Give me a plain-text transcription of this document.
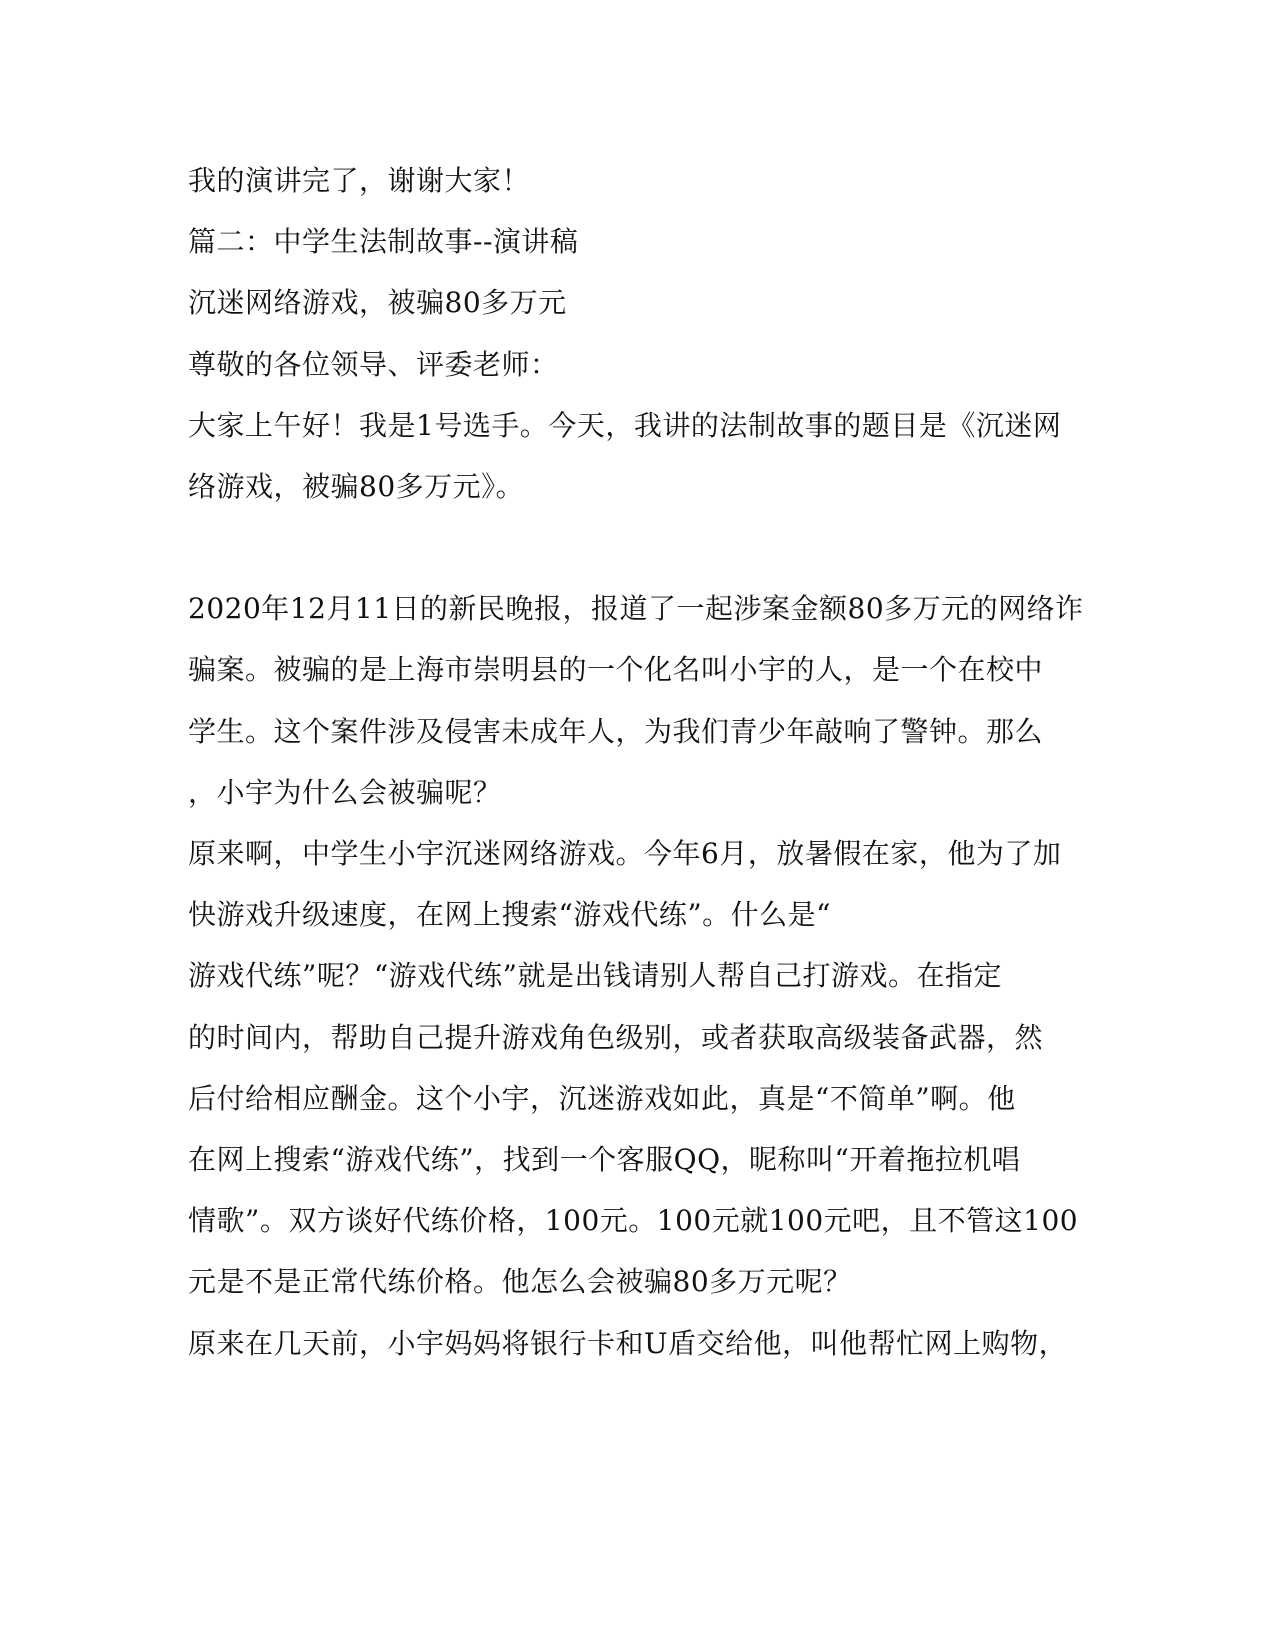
我的演讲完了，谢谢大家！

篇二：中学生法制故事--演讲稿

沉迷网络游戏，被骗80多万元

尊敬的各位领导、评委老师：

大家上午好！我是1号选手。今天，我讲的法制故事的题目是《沉迷网

络游戏，被骗80多万元》。

2020年12月11日的新民晚报，报道了一起涉案金额80多万元的网络诈

骗案。被骗的是上海市崇明县的一个化名叫小宇的人，是一个在校中

学生。这个案件涉及侵害未成年人，为我们青少年敲响了警钟。那么

，小宇为什么会被骗呢？

原来啊，中学生小宇沉迷网络游戏。今年6月，放暑假在家，他为了加

快游戏升级速度，在网上搜索“游戏代练”。什么是“

游戏代练”呢？“游戏代练”就是出钱请别人帮自己打游戏。在指定

的时间内，帮助自己提升游戏角色级别，或者获取高级装备武器，然

后付给相应酬金。这个小宇，沉迷游戏如此，真是“不简单”啊。他

在网上搜索“游戏代练”，找到一个客服QQ，昵称叫“开着拖拉机唱

情歌”。双方谈好代练价格，100元。100元就100元吧，且不管这100

元是不是正常代练价格。他怎么会被骗80多万元呢？

原来在几天前，小宇妈妈将银行卡和U盾交给他，叫他帮忙网上购物，
